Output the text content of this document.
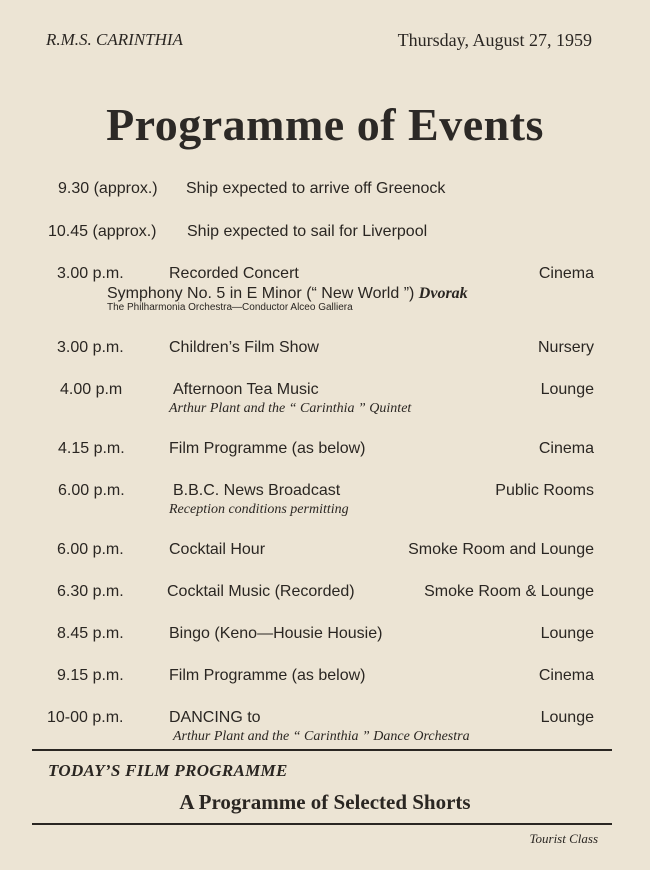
R.M.S. CARINTHIA	Thursday, August 27, 1959
Programme of Events
9.30 (approx.) Ship expected to arrive off Greenock
10.45 (approx.) Ship expected to sail for Liverpool
3.00 p.m.	Recorded Concert	Cinema
Symphony No. 5 in E Minor (“ New World ”) Dvorak
The Philharmonia Orchestra—Conductor Alceo Galliera
3.00 p.m.	Children’s Film Show	Nursery
4.00 p.m	Afternoon Tea Music	Lounge
Arthur Plant and the “ Carinthia ” Quintet
4.15 p.m.	Film Programme (as below)	Cinema
6.00 p.m.	B.B.C. News Broadcast	Public Rooms
Reception conditions permitting
6.00 p.m.	Cocktail Hour	Smoke Room and Lounge
6.30 p.m.	Cocktail Music (Recorded)	Smoke Room & Lounge
8.45 p.m.	Bingo (Keno—Housie Housie)	Lounge
9.15 p.m.	Film Programme (as below)	Cinema
10-00 p.m.	DANCING to	Lounge
Arthur Plant and the “ Carinthia ” Dance Orchestra
TODAY’S FILM PROGRAMME
A Programme of Selected Shorts
Tourist Class
